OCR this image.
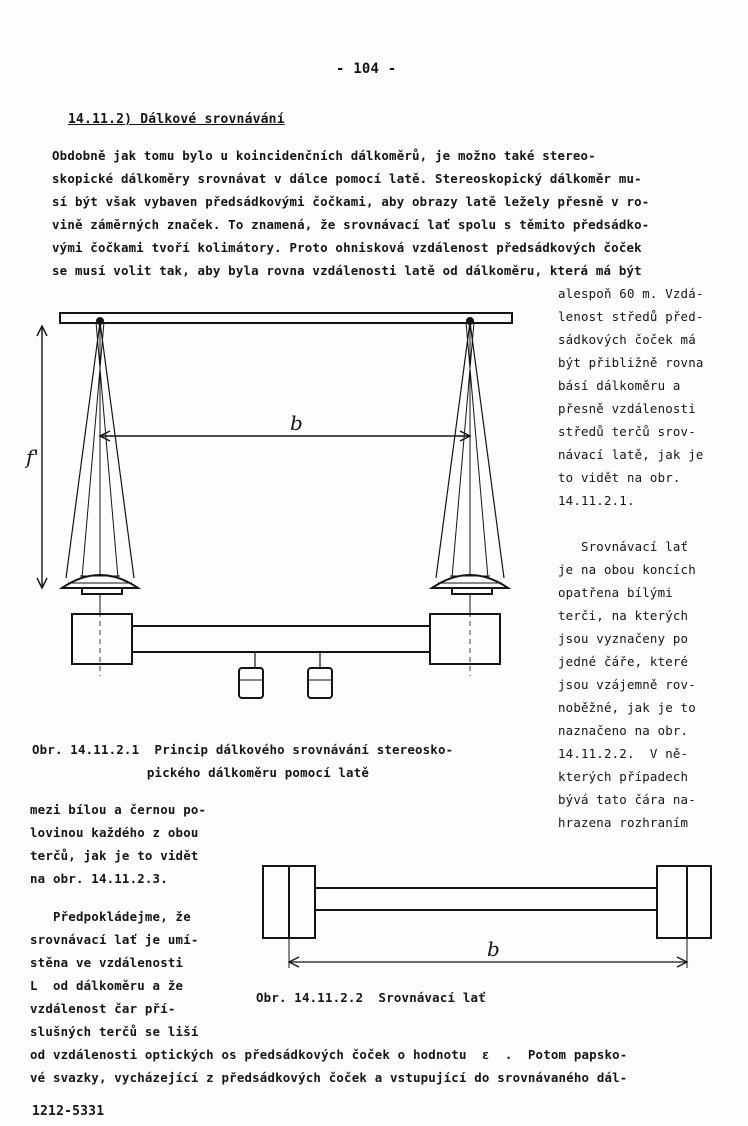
- 104 -
14.11.2) Dálkové srovnávání
Obdobně jak tomu bylo u koincidenčních dálkoměrů, je možno také stereo-
skopické dálkoměry srovnávat v dálce pomocí latě. Stereoskopický dálkoměr mu-
sí být však vybaven předsádkovými čočkami, aby obrazy latě ležely přesně v ro-
vině záměrných značek. To znamená, že srovnávací lať spolu s těmito předsádko-
vými čočkami tvoří kolimátory. Proto ohnisková vzdálenost předsádkových čoček
se musí volit tak, aby byla rovna vzdálenosti latě od dálkoměru, která má být
alespoň 60 m. Vzdá-
lenost středů před-
sádkových čoček má
být přibližně rovna
básí dálkoměru a
přesně vzdálenosti
středů terčů srov-
návací latě, jak je
to vidět na obr.
14.11.2.1.
Srovnávací lať
je na obou koncích
opatřena bílými
terči, na kterých
jsou vyznačeny po
jedné čáře, které
jsou vzájemně rov-
noběžné, jak je to
naznačeno na obr.
14.11.2.2.  V ně-
kterých případech
bývá tato čára na-
hrazena rozhraním
f'
b
Obr. 14.11.2.1  Princip dálkového srovnávání stereosko-
pického dálkoměru pomocí latě
mezi bílou a černou po-
lovinou každého z obou
terčů, jak je to vidět
na obr. 14.11.2.3.
Předpokládejme, že
srovnávací lať je umí-
stěna ve vzdálenosti
L  od dálkoměru a že
vzdálenost čar pří-
slušných terčů se liší
b
Obr. 14.11.2.2  Srovnávací lať
od vzdálenosti optických os předsádkových čoček o hodnotu  ε  .  Potom papsko-
vé svazky, vycházející z předsádkových čoček a vstupující do srovnávaného dál-
1212-5331
